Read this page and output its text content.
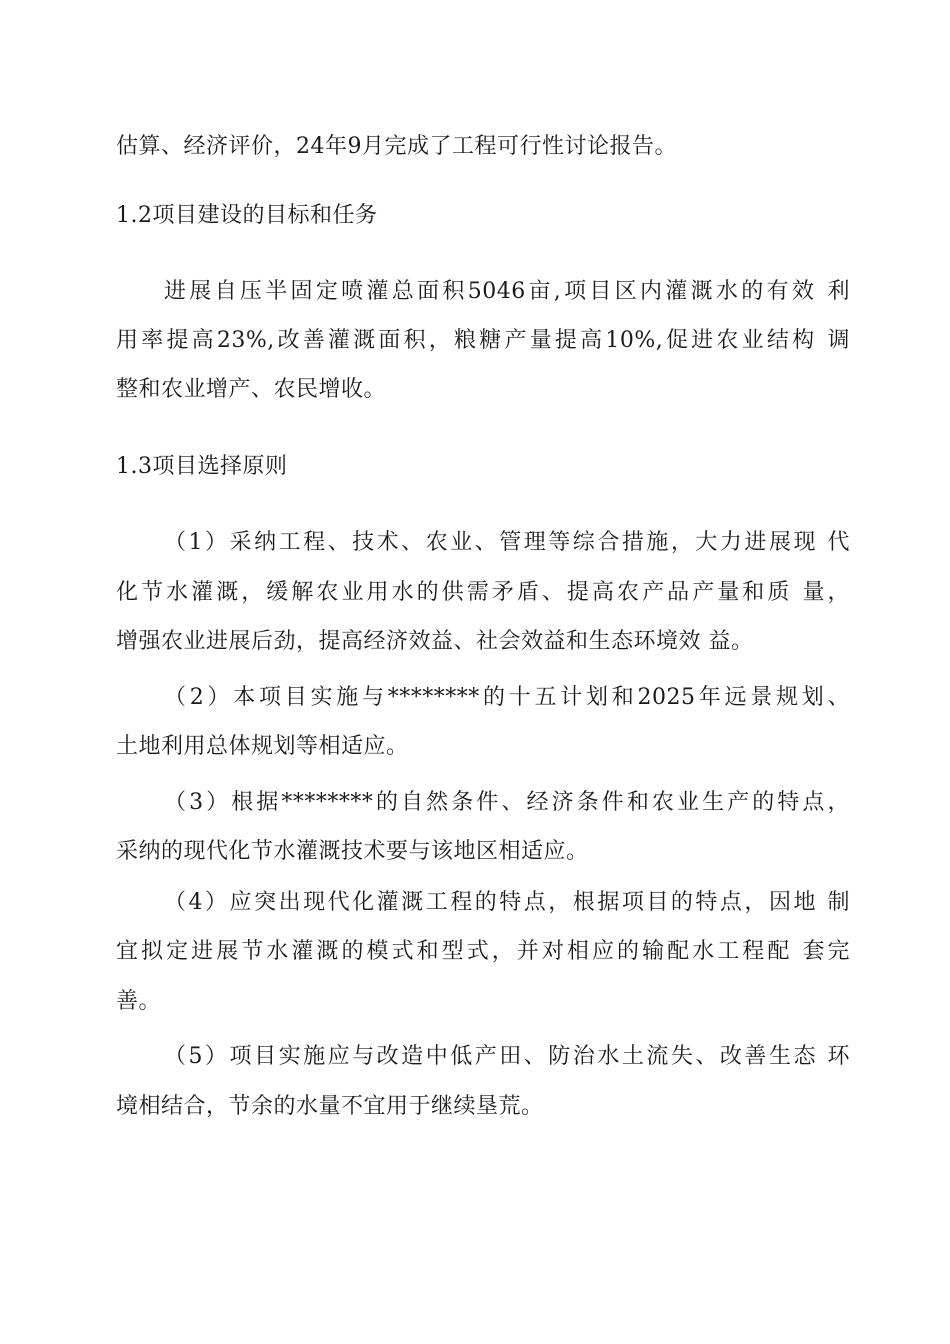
估算、经济评价，24年9月完成了工程可行性讨论报告。
1.2项目建设的目标和任务
进展自压半固定喷灌总面积5046亩,项目区内灌溉水的有效 利
用率提高23%,改善灌溉面积，粮糖产量提高10%,促进农业结构 调
整和农业增产、农民增收。
1.3项目选择原则
（1）采纳工程、技术、农业、管理等综合措施，大力进展现 代
化节水灌溉，缓解农业用水的供需矛盾、提高农产品产量和质 量，
增强农业进展后劲，提高经济效益、社会效益和生态环境效 益。
（2）本项目实施与********的十五计划和2025年远景规划、
土地利用总体规划等相适应。
（3）根据********的自然条件、经济条件和农业生产的特点，
采纳的现代化节水灌溉技术要与该地区相适应。
（4）应突出现代化灌溉工程的特点，根据项目的特点，因地 制
宜拟定进展节水灌溉的模式和型式，并对相应的输配水工程配 套完
善。
（5）项目实施应与改造中低产田、防治水土流失、改善生态 环
境相结合，节余的水量不宜用于继续垦荒。
